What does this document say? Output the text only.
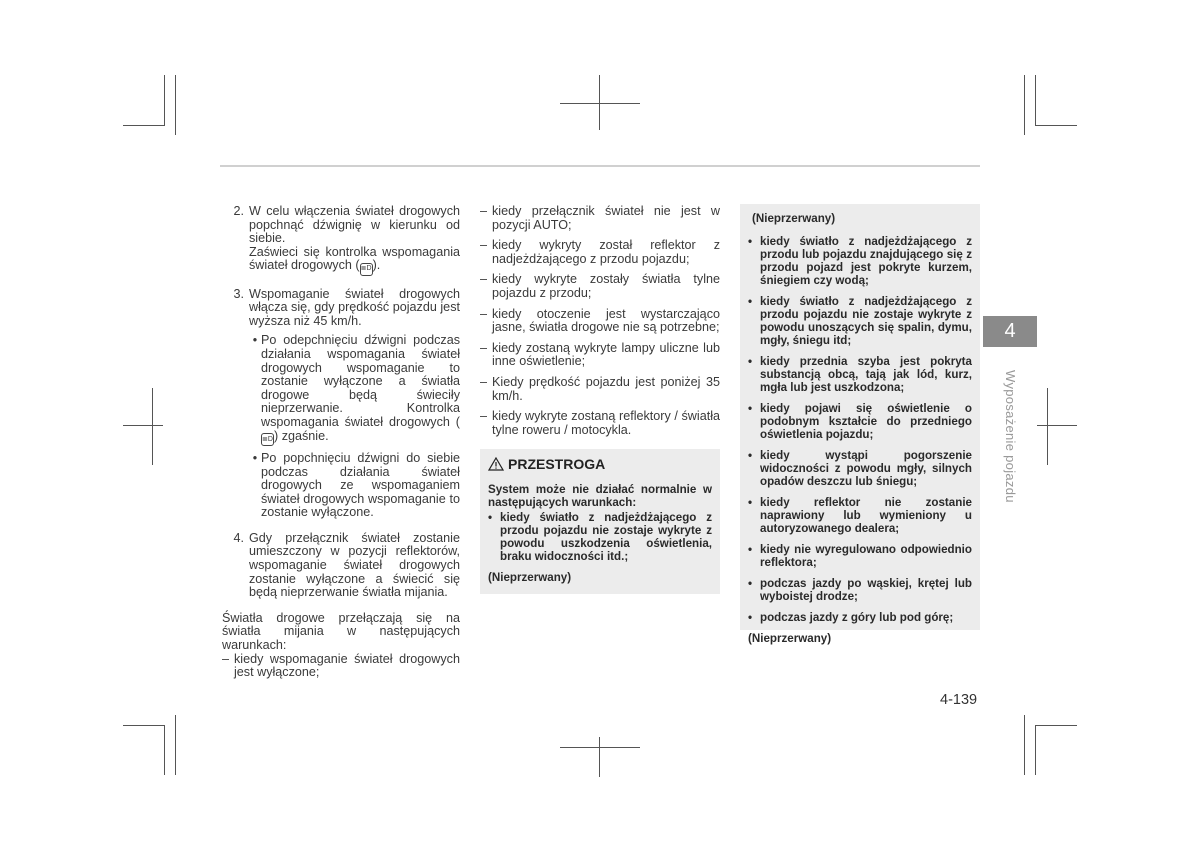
2. W celu włączenia świateł drogowych popchnąć dźwignię w kierunku od siebie.
Zaświeci się kontrolka wspomagania świateł drogowych (≣D).
3. Wspomaganie świateł drogowych włącza się, gdy prędkość pojazdu jest wyższa niż 45 km/h.
• Po odepchnięciu dźwigni podczas działania wspomagania świateł drogowych wspomaganie to zostanie wyłączone a światła drogowe będą świeciły nieprzerwanie. Kontrolka wspomagania świateł drogowych (≣D) zgaśnie.
• Po popchnięciu dźwigni do siebie podczas działania świateł drogowych ze wspomaganiem świateł drogowych wspomaganie to zostanie wyłączone.
4. Gdy przełącznik świateł zostanie umieszczony w pozycji reflektorów, wspomaganie świateł drogowych zostanie wyłączone a świecić się będą nieprzerwanie światła mijania.
Światła drogowe przełączają się na światła mijania w następujących warunkach:
– kiedy wspomaganie świateł drogowych jest wyłączone;
– kiedy przełącznik świateł nie jest w pozycji AUTO;
– kiedy wykryty został reflektor z nadjeżdżającego z przodu pojazdu;
– kiedy wykryte zostały światła tylne pojazdu z przodu;
– kiedy otoczenie jest wystarczająco jasne, światła drogowe nie są potrzebne;
– kiedy zostaną wykryte lampy uliczne lub inne oświetlenie;
– Kiedy prędkość pojazdu jest poniżej 35 km/h.
– kiedy wykryte zostaną reflektory / światła tylne roweru / motocykla.
PRZESTROGA
System może nie działać normalnie w następujących warunkach:
• kiedy światło z nadjeżdżającego z przodu pojazdu nie zostaje wykryte z powodu uszkodzenia oświetlenia, braku widoczności itd.;
(Nieprzerwany)
(Nieprzerwany)
• kiedy światło z nadjeżdżającego z przodu lub pojazdu znajdującego się z przodu pojazd jest pokryte kurzem, śniegiem czy wodą;
• kiedy światło z nadjeżdżającego z przodu pojazdu nie zostaje wykryte z powodu unoszących się spalin, dymu, mgły, śniegu itd;
• kiedy przednia szyba jest pokryta substancją obcą, tają jak lód, kurz, mgła lub jest uszkodzona;
• kiedy pojawi się oświetlenie o podobnym kształcie do przedniego oświetlenia pojazdu;
• kiedy wystąpi pogorszenie widoczności z powodu mgły, silnych opadów deszczu lub śniegu;
• kiedy reflektor nie zostanie naprawiony lub wymieniony u autoryzowanego dealera;
• kiedy nie wyregulowano odpowiednio reflektora;
• podczas jazdy po wąskiej, krętej lub wyboistej drodze;
• podczas jazdy z góry lub pod górę;
(Nieprzerwany)
4
Wyposażenie pojazdu
4-139
